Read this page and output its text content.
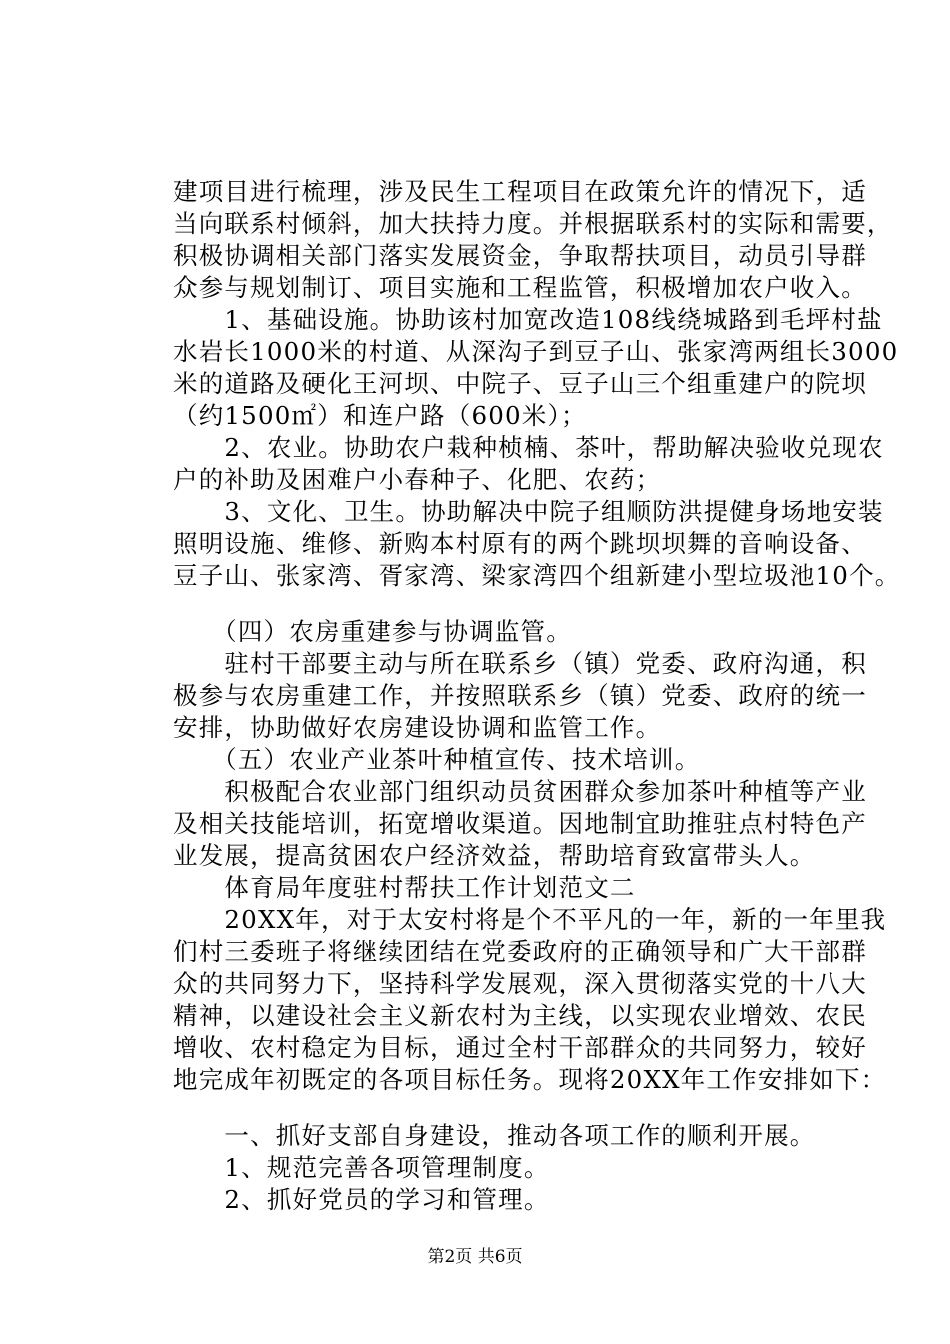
建项目进行梳理，涉及民生工程项目在政策允许的情况下，适
当向联系村倾斜，加大扶持力度。并根据联系村的实际和需要，
积极协调相关部门落实发展资金，争取帮扶项目，动员引导群
众参与规划制订、项目实施和工程监管，积极增加农户收入。
　　1、基础设施。协助该村加宽改造108线绕城路到毛坪村盐
水岩长1000米的村道、从深沟子到豆子山、张家湾两组长3000
米的道路及硬化王河坝、中院子、豆子山三个组重建户的院坝
（约1500㎡）和连户路（600米）；
　　2、农业。协助农户栽种桢楠、茶叶，帮助解决验收兑现农
户的补助及困难户小春种子、化肥、农药；
　　3、文化、卫生。协助解决中院子组顺防洪提健身场地安装
照明设施、维修、新购本村原有的两个跳坝坝舞的音响设备、
豆子山、张家湾、胥家湾、梁家湾四个组新建小型垃圾池10个。
　　（四）农房重建参与协调监管。
　　驻村干部要主动与所在联系乡（镇）党委、政府沟通，积
极参与农房重建工作，并按照联系乡（镇）党委、政府的统一
安排，协助做好农房建设协调和监管工作。
　　（五）农业产业茶叶种植宣传、技术培训。
　　积极配合农业部门组织动员贫困群众参加茶叶种植等产业
及相关技能培训，拓宽增收渠道。因地制宜助推驻点村特色产
业发展，提高贫困农户经济效益，帮助培育致富带头人。
　　体育局年度驻村帮扶工作计划范文二
　　20XX年，对于太安村将是个不平凡的一年，新的一年里我
们村三委班子将继续团结在党委政府的正确领导和广大干部群
众的共同努力下，坚持科学发展观，深入贯彻落实党的十八大
精神，以建设社会主义新农村为主线，以实现农业增效、农民
增收、农村稳定为目标，通过全村干部群众的共同努力，较好
地完成年初既定的各项目标任务。现将20XX年工作安排如下：
　　一、抓好支部自身建设，推动各项工作的顺利开展。
　　1、规范完善各项管理制度。
　　2、抓好党员的学习和管理。
第2页 共6页
